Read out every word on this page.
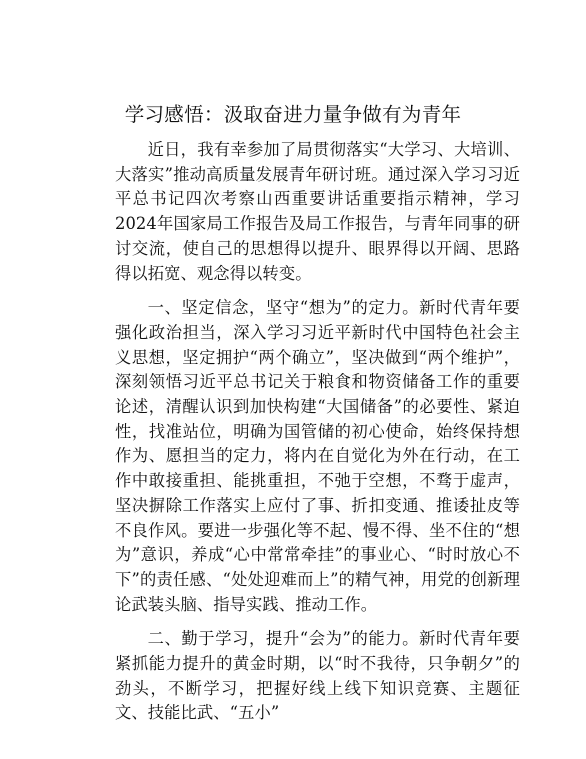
学习感悟：汲取奋进力量争做有为青年

近日，我有幸参加了局贯彻落实“大学习、大培训、大落实”推动高质量发展青年研讨班。通过深入学习习近平总书记四次考察山西重要讲话重要指示精神，学习2024年国家局工作报告及局工作报告，与青年同事的研讨交流，使自己的思想得以提升、眼界得以开阔、思路得以拓宽、观念得以转变。

一、坚定信念，坚守“想为”的定力。新时代青年要强化政治担当，深入学习习近平新时代中国特色社会主义思想，坚定拥护“两个确立”，坚决做到“两个维护”，深刻领悟习近平总书记关于粮食和物资储备工作的重要论述，清醒认识到加快构建“大国储备”的必要性、紧迫性，找准站位，明确为国管储的初心使命，始终保持想作为、愿担当的定力，将内在自觉化为外在行动，在工作中敢接重担、能挑重担，不弛于空想，不骛于虚声，坚决摒除工作落实上应付了事、折扣变通、推诿扯皮等不良作风。要进一步强化等不起、慢不得、坐不住的“想为”意识，养成“心中常常牵挂”的事业心、“时时放心不下”的责任感、“处处迎难而上”的精气神，用党的创新理论武装头脑、指导实践、推动工作。

二、勤于学习，提升“会为”的能力。新时代青年要紧抓能力提升的黄金时期，以“时不我待，只争朝夕”的劲头，不断学习，把握好线上线下知识竞赛、主题征文、技能比武、“五小”
